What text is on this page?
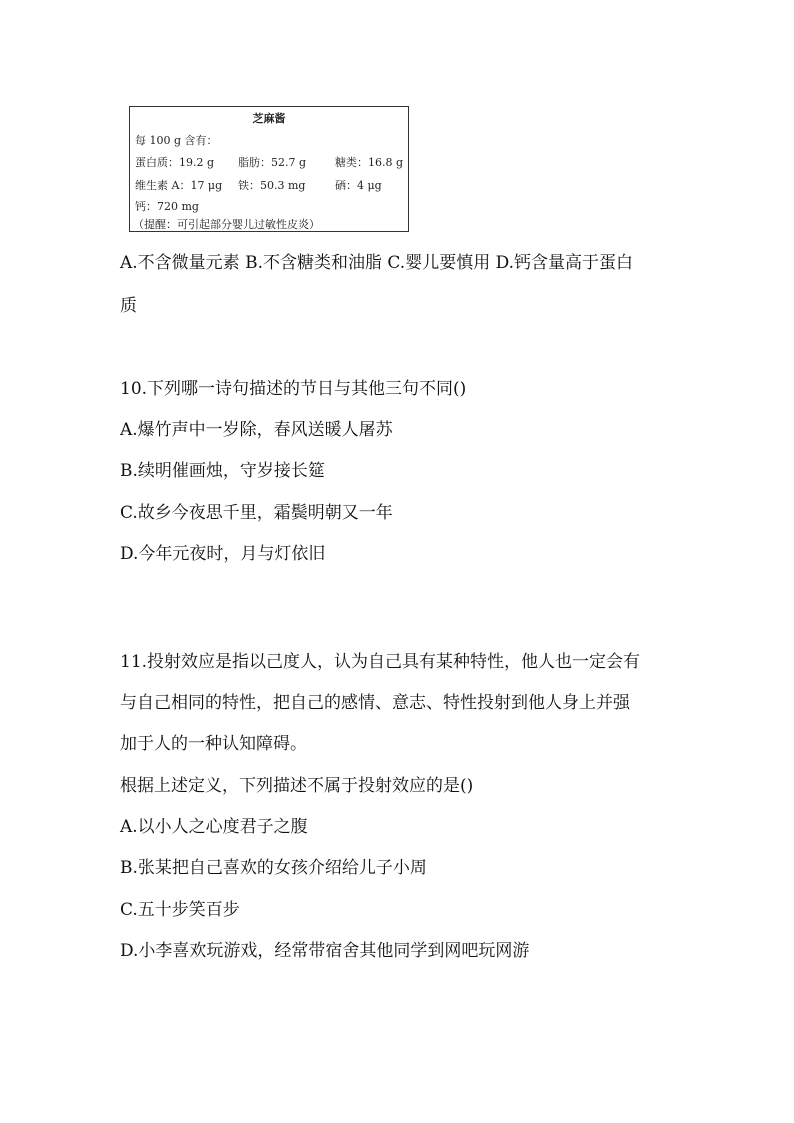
芝麻酱
每 100 g 含有：
蛋白质：19.2 g 脂肪：52.7 g	糖类：16.8 g
维生素 A：17 μg 铁：50.3 mg	硒：4 μg
钙：720 mg
（提醒：可引起部分婴儿过敏性皮炎）
A.不含微量元素 B.不含糖类和油脂 C.婴儿要慎用 D.钙含量高于蛋白
质
10.下列哪一诗句描述的节日与其他三句不同()
A.爆竹声中一岁除，春风送暖人屠苏
B.续明催画烛，守岁接长筵
C.故乡今夜思千里，霜鬓明朝又一年
D.今年元夜时，月与灯依旧
11.投射效应是指以己度人，认为自己具有某种特性，他人也一定会有
与自己相同的特性，把自己的感情、意志、特性投射到他人身上并强
加于人的一种认知障碍。
根据上述定义，下列描述不属于投射效应的是()
A.以小人之心度君子之腹
B.张某把自己喜欢的女孩介绍给儿子小周
C.五十步笑百步
D.小李喜欢玩游戏，经常带宿舍其他同学到网吧玩网游
